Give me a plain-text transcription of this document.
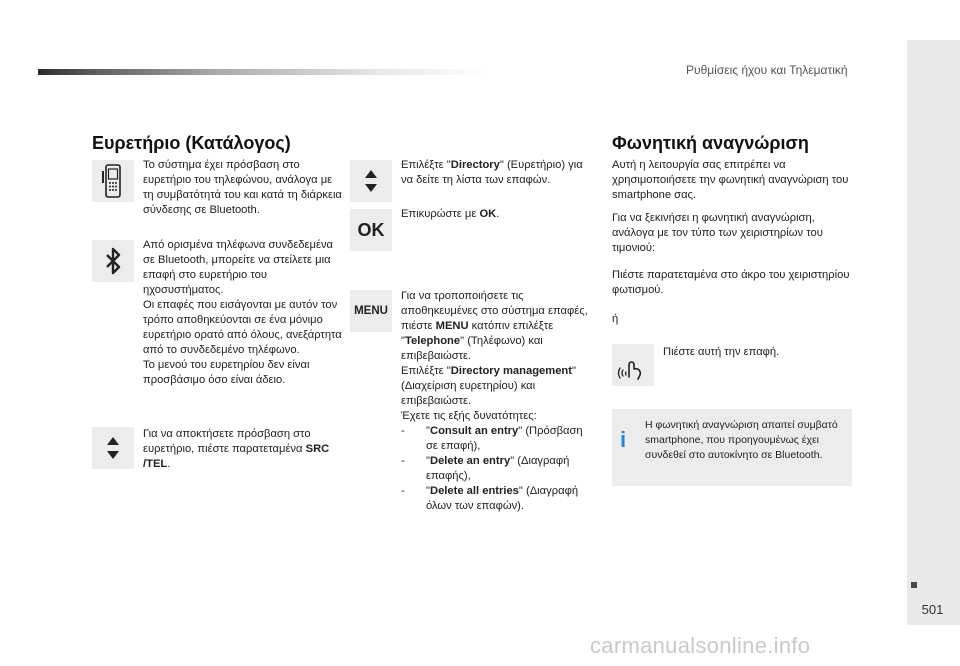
Ρυθμίσεις ήχου και Τηλεματική
501
Ευρετήριο (Κατάλογος)
Το σύστημα έχει πρόσβαση στο ευρετήριο του τηλεφώνου, ανάλογα με τη συμβατότητά του και κατά τη διάρκεια σύνδεσης σε Bluetooth.
Από ορισμένα τηλέφωνα συνδεδεμένα σε Bluetooth, μπορείτε να στείλετε μια επαφή στο ευρετήριο του ηχοσυστήματος.
Οι επαφές που εισάγονται με αυτόν τον τρόπο αποθηκεύονται σε ένα μόνιμο ευρετήριο ορατό από όλους, ανεξάρτητα από το συνδεδεμένο τηλέφωνο.
Το μενού του ευρετηρίου δεν είναι προσβάσιμο όσο είναι άδειο.
Για να αποκτήσετε πρόσβαση στο ευρετήριο, πιέστε παρατεταμένα SRC /TEL.
Επιλέξτε "Directory" (Ευρετήριο) για να δείτε τη λίστα των επαφών.
OK
Επικυρώστε με OK.
MENU
Για να τροποποιήσετε τις αποθηκευμένες στο σύστημα επαφές, πιέστε MENU κατόπιν επιλέξτε "Telephone" (Τηλέφωνο) και επιβεβαιώστε.
Επιλέξτε "Directory management" (Διαχείριση ευρετηρίου) και επιβεβαιώστε.
Έχετε τις εξής δυνατότητες:
- "Consult an entry" (Πρόσβαση σε επαφή),
- "Delete an entry" (Διαγραφή επαφής),
- "Delete all entries" (Διαγραφή όλων των επαφών).
Φωνητική αναγνώριση
Αυτή η λειτουργία σας επιτρέπει να χρησιμοποιήσετε την φωνητική αναγνώριση του smartphone σας.
Για να ξεκινήσει η φωνητική αναγνώριση, ανάλογα με τον τύπο των χειριστηρίων του τιμονιού:
Πιέστε παρατεταμένα στο άκρο του χειριστηρίου φωτισμού.
ή
Πιέστε αυτή την επαφή.
i
Η φωνητική αναγνώριση απαιτεί συμβατό smartphone, που προηγουμένως έχει συνδεθεί στο αυτοκίνητο σε Bluetooth.
carmanualsonline.info
